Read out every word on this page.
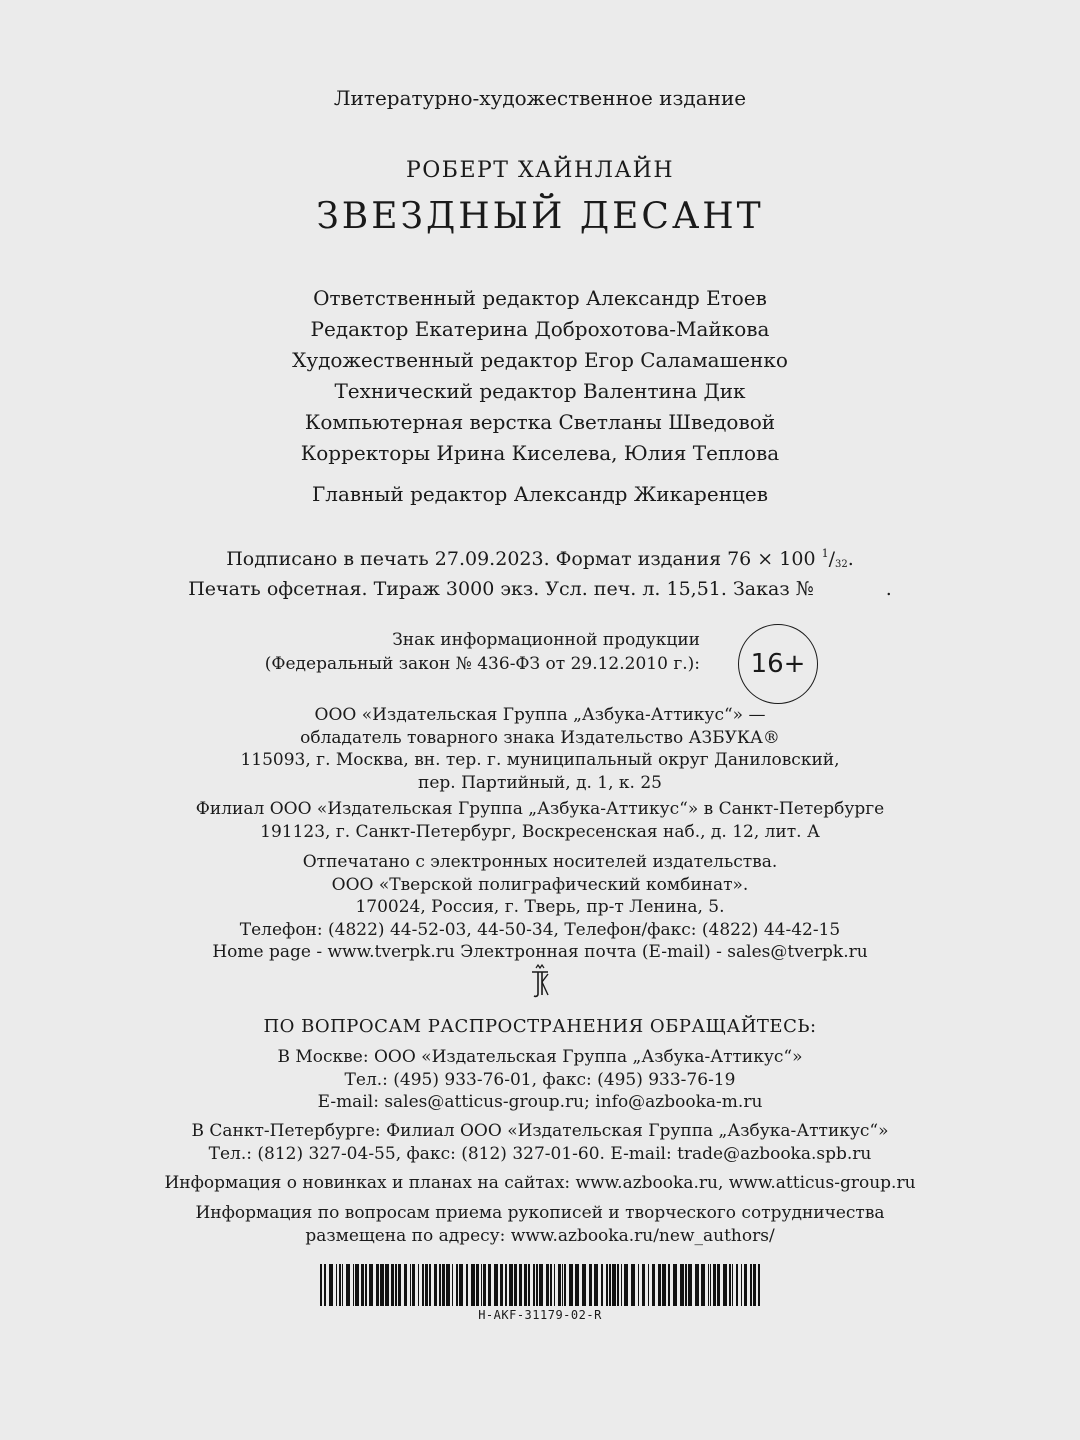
Литературно-художественное издание
РОБЕРТ ХАЙНЛАЙН
ЗВЕЗДНЫЙ ДЕСАНТ
Ответственный редактор Александр Етоев
Редактор Екатерина Доброхотова-Майкова
Художественный редактор Егор Саламашенко
Технический редактор Валентина Дик
Компьютерная верстка Светланы Шведовой
Корректоры Ирина Киселева, Юлия Теплова
Главный редактор Александр Жикаренцев
Подписано в печать 27.09.2023. Формат издания 76 × 100 $^1/_{32}$.
Печать офсетная. Тираж 3000 экз. Усл. печ. л. 15,51. Заказ №	.
Знак информационной продукции
(Федеральный закон № 436-ФЗ от 29.12.2010 г.):	16+
ООО «Издательская Группа „Азбука-Аттикус“» —
обладатель товарного знака Издательство АЗБУКА®
115093, г. Москва, вн. тер. г. муниципальный округ Даниловский,
пер. Партийный, д. 1, к. 25
Филиал ООО «Издательская Группа „Азбука-Аттикус“» в Санкт-Петербурге
191123, г. Санкт-Петербург, Воскресенская наб., д. 12, лит. А
Отпечатано с электронных носителей издательства.
ООО «Тверской полиграфический комбинат».
170024, Россия, г. Тверь, пр-т Ленина, 5.
Телефон: (4822) 44-52-03, 44-50-34, Телефон/факс: (4822) 44-42-15
Home page - www.tverpk.ru Электронная почта (E-mail) - sales@tverpk.ru
ПО ВОПРОСАМ РАСПРОСТРАНЕНИЯ ОБРАЩАЙТЕСЬ:
В Москве: ООО «Издательская Группа „Азбука-Аттикус“»
Тел.: (495) 933-76-01, факс: (495) 933-76-19
E-mail: sales@atticus-group.ru; info@azbooka-m.ru
В Санкт-Петербурге: Филиал ООО «Издательская Группа „Азбука-Аттикус“»
Тел.: (812) 327-04-55, факс: (812) 327-01-60. E-mail: trade@azbooka.spb.ru
Информация о новинках и планах на сайтах: www.azbooka.ru, www.atticus-group.ru
Информация по вопросам приема рукописей и творческого сотрудничества
размещена по адресу: www.azbooka.ru/new_authors/
H-AKF-31179-02-R
